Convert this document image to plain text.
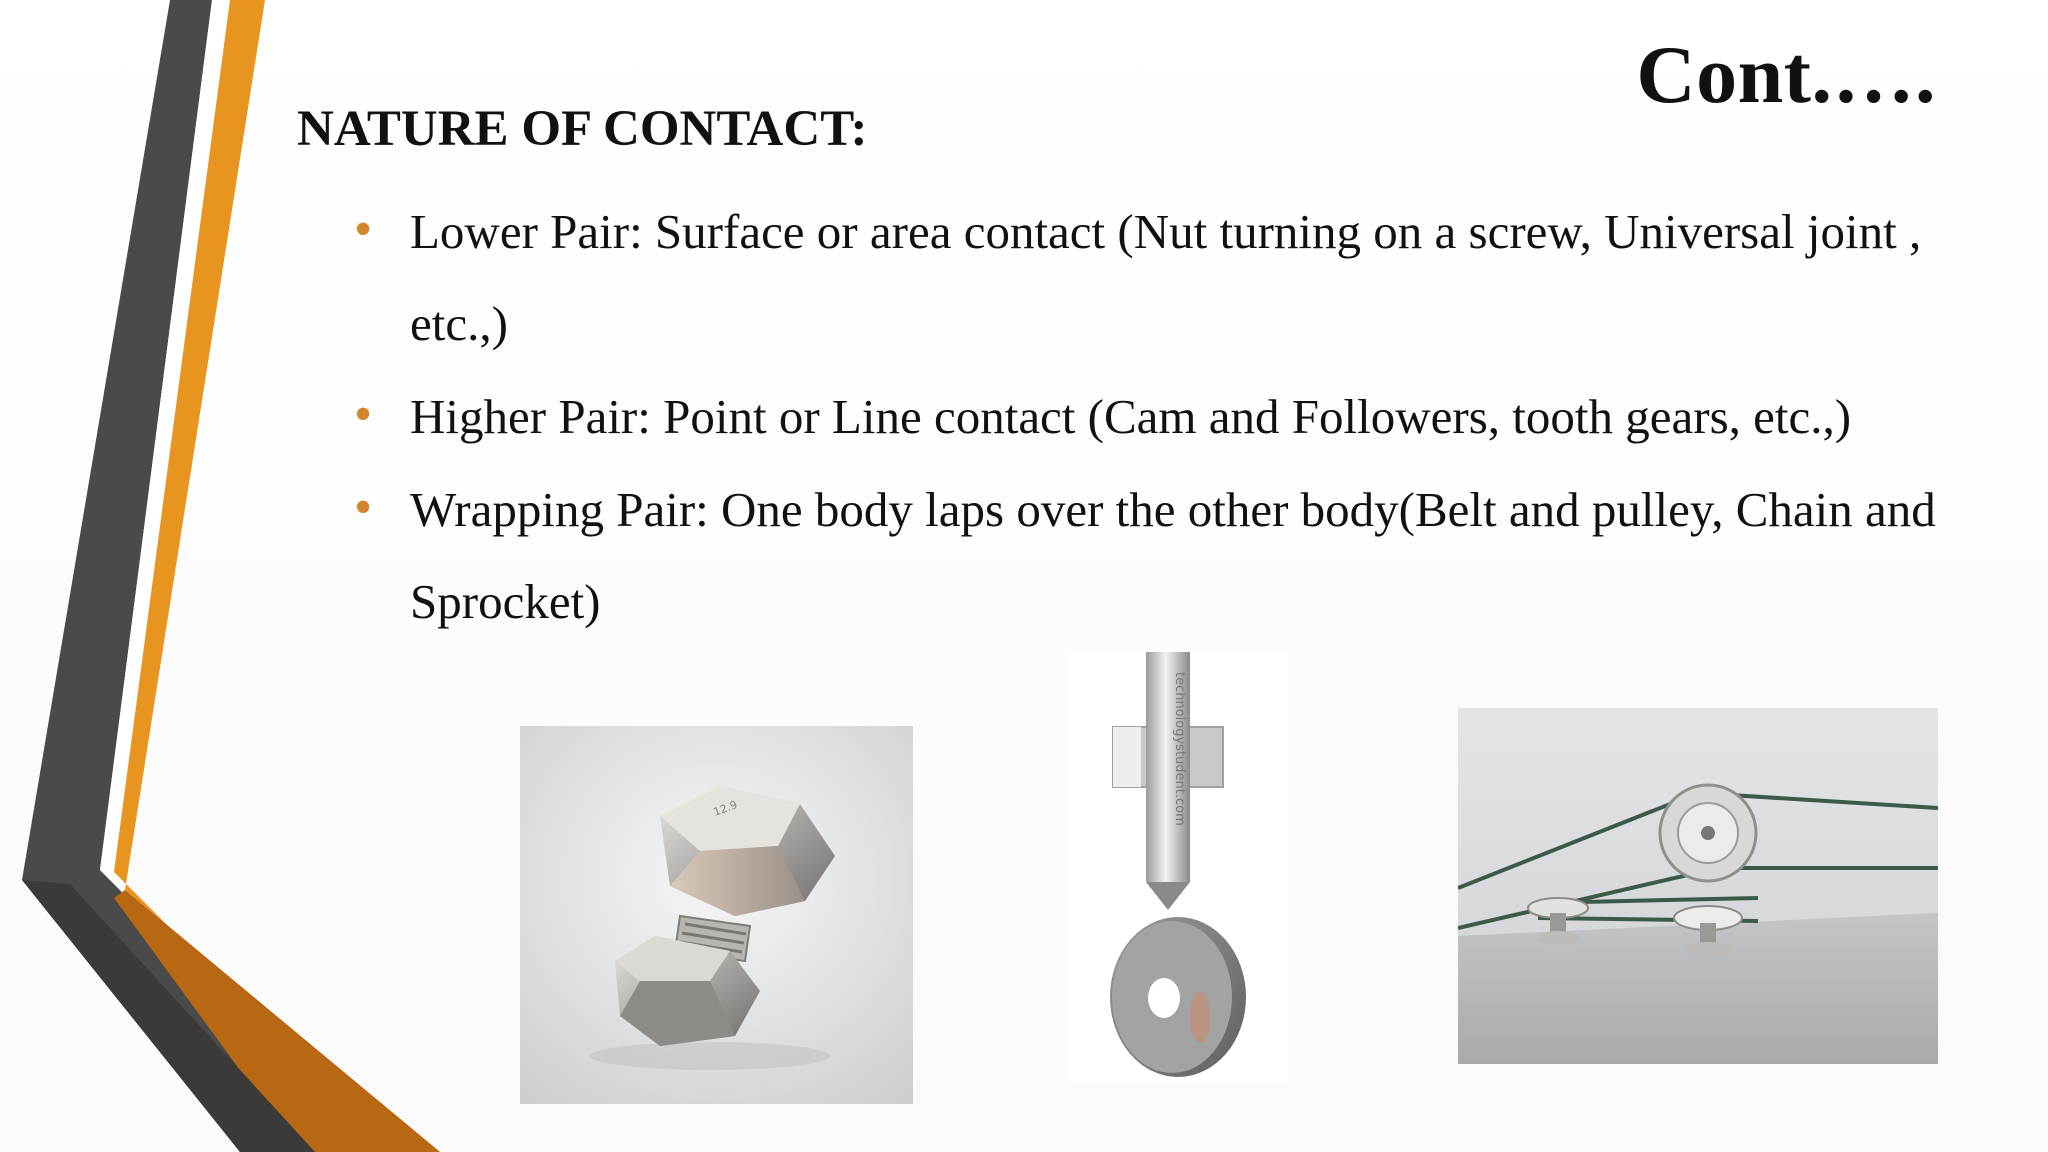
Cont.….
NATURE OF CONTACT:
• Lower Pair: Surface or area contact (Nut turning on a screw, Universal joint , etc.,)
• Higher Pair: Point or Line contact (Cam and Followers, tooth gears, etc.,)
• Wrapping Pair: One body laps over the other body(Belt and pulley, Chain and Sprocket)
12.9	technologystudent.com
